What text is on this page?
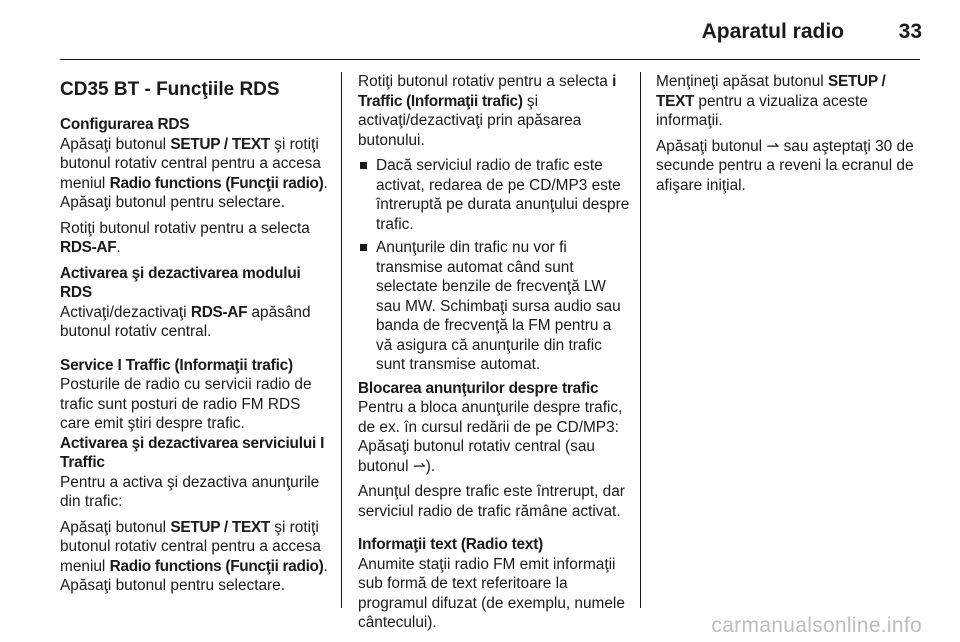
Aparatul radio	33
CD35 BT - Funcţiile RDS
Configurarea RDS

Apăsaţi butonul SETUP / TEXT şi rotiţi butonul rotativ central pentru a accesa meniul Radio functions (Funcţii radio). Apăsaţi butonul pentru selectare.

Rotiţi butonul rotativ pentru a selecta RDS-AF.

Activarea şi dezactivarea modului RDS

Activaţi/dezactivaţi RDS-AF apăsând butonul rotativ central.

Service I Traffic (Informaţii trafic)

Posturile de radio cu servicii radio de trafic sunt posturi de radio FM RDS care emit ştiri despre trafic.

Activarea şi dezactivarea serviciului I Traffic

Pentru a activa şi dezactiva anunţurile din trafic:

Apăsaţi butonul SETUP / TEXT şi rotiţi butonul rotativ central pentru a accesa meniul Radio functions (Funcţii radio). Apăsaţi butonul pentru selectare.

Rotiţi butonul rotativ pentru a selecta i Traffic (Informaţii trafic) şi activaţi/dezactivaţi prin apăsarea butonului.

Dacă serviciul radio de trafic este activat, redarea de pe CD/MP3 este întreruptă pe durata anunţului despre trafic.
Anunţurile din trafic nu vor fi transmise automat când sunt selectate benzile de frecvenţă LW sau MW. Schimbaţi sursa audio sau banda de frecvenţă la FM pentru a vă asigura că anunţurile din trafic sunt transmise automat.
Blocarea anunţurilor despre trafic

Pentru a bloca anunţurile despre trafic, de ex. în cursul redării de pe CD/MP3: Apăsaţi butonul rotativ central (sau butonul ⇀).

Anunţul despre trafic este întrerupt, dar serviciul radio de trafic rămâne activat.

Informaţii text (Radio text)

Anumite staţii radio FM emit informaţii sub formă de text referitoare la programul difuzat (de exemplu, numele cântecului).

Menţineţi apăsat butonul SETUP / TEXT pentru a vizualiza aceste informaţii.

Apăsaţi butonul ⇀ sau aşteptaţi 30 de secunde pentru a reveni la ecranul de afişare iniţial.

carmanualsonline.info
